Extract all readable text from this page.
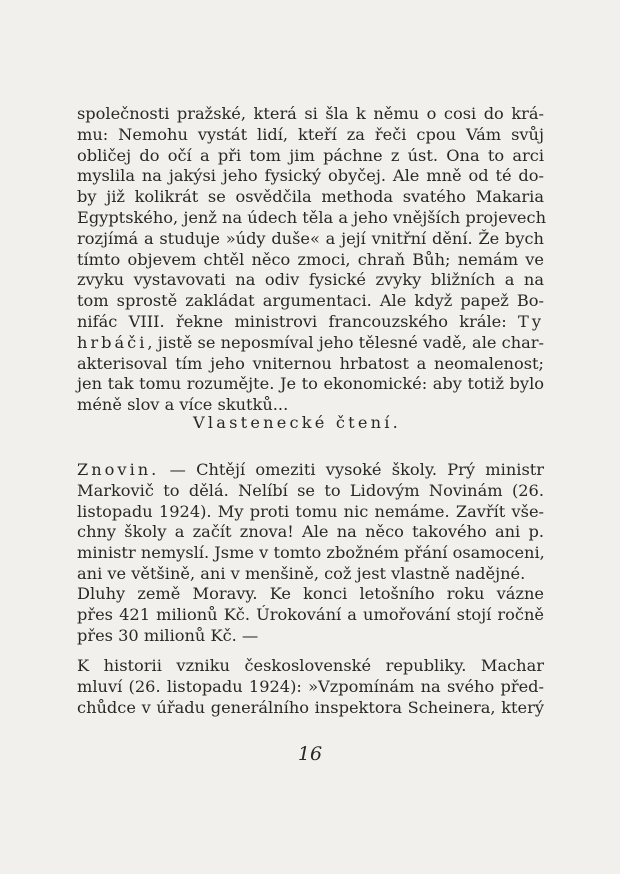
společnosti pražské, která si šla k němu o cosi do krá-
mu: Nemohu vystát lidí, kteří za řeči cpou Vám svůj
obličej do očí a při tom jim páchne z úst. Ona to arci
myslila na jakýsi jeho fysický obyčej. Ale mně od té do-
by již kolikrát se osvědčila methoda svatého Makaria
Egyptského, jenž na údech těla a jeho vnějších projevech
rozjímá a studuje »údy duše« a její vnitřní dění. Že bych
tímto objevem chtěl něco zmoci, chraň Bůh; nemám ve
zvyku vystavovati na odiv fysické zvyky bližních a na
tom sprostě zakládat argumentaci. Ale když papež Bo-
nifác VIII. řekne ministrovi francouzského krále: Ty
hrbáči, jistě se neposmíval jeho tělesné vadě, ale char-
akterisoval tím jeho vniternou hrbatost a neomalenost;
jen tak tomu rozumějte. Je to ekonomické: aby totiž bylo
méně slov a více skutků...

Vlastenecké čtení.

Znovin. — Chtějí omeziti vysoké školy. Prý ministr
Markovič to dělá. Nelíbí se to Lidovým Novinám (26.
listopadu 1924). My proti tomu nic nemáme. Zavřít vše-
chny školy a začít znova! Ale na něco takového ani p.
ministr nemyslí. Jsme v tomto zbožném přání osamoceni,
ani ve většině, ani v menšině, což jest vlastně nadějné.
Dluhy země Moravy. Ke konci letošního roku vázne
přes 421 milionů Kč. Úrokování a umořování stojí ročně
přes 30 milionů Kč. —
K historii vzniku československé republiky. Machar
mluví (26. listopadu 1924): »Vzpomínám na svého před-
chůdce v úřadu generálního inspektora Scheinera, který

16
